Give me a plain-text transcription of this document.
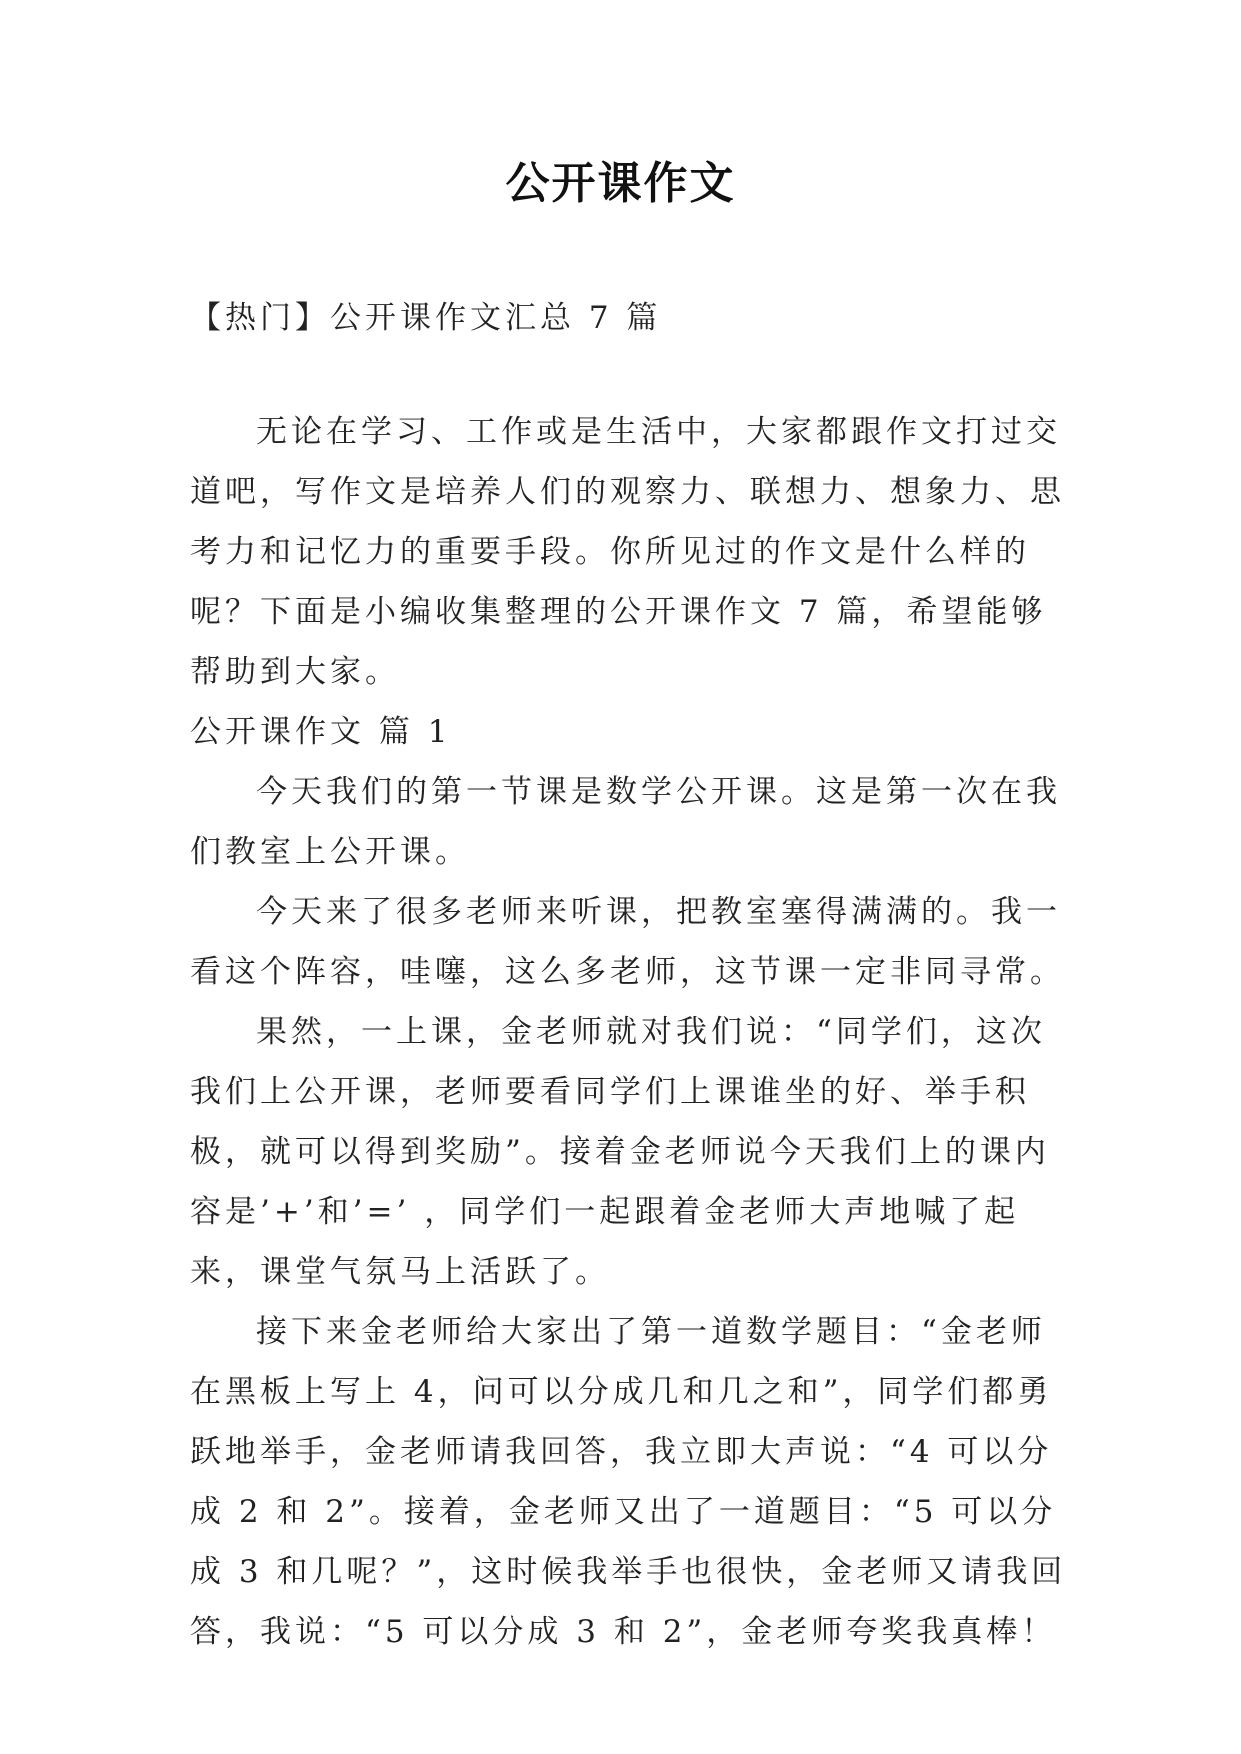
公开课作文
【热门】公开课作文汇总 7 篇

无论在学习、工作或是生活中，大家都跟作文打过交道吧，写作文是培养人们的观察力、联想力、想象力、思考力和记忆力的重要手段。你所见过的作文是什么样的呢？下面是小编收集整理的公开课作文 7 篇，希望能够帮助到大家。

公开课作文 篇 1

今天我们的第一节课是数学公开课。这是第一次在我们教室上公开课。

今天来了很多老师来听课，把教室塞得满满的。我一看这个阵容，哇噻，这么多老师，这节课一定非同寻常。

果然，一上课，金老师就对我们说：“同学们，这次我们上公开课，老师要看同学们上课谁坐的好、举手积极，就可以得到奖励”。接着金老师说今天我们上的课内容是’+’和’=’ ，同学们一起跟着金老师大声地喊了起来，课堂气氛马上活跃了。

接下来金老师给大家出了第一道数学题目：“金老师在黑板上写上 4，问可以分成几和几之和”，同学们都勇跃地举手，金老师请我回答，我立即大声说：“4 可以分成 2 和 2”。接着，金老师又出了一道题目：“5 可以分成 3 和几呢？”，这时候我举手也很快，金老师又请我回答，我说：“5 可以分成 3 和 2”，金老师夸奖我真棒！
